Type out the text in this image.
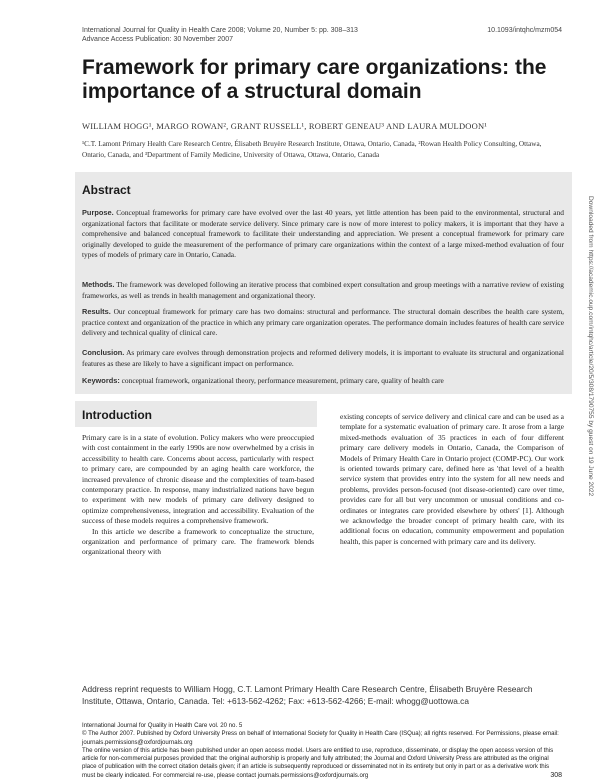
International Journal for Quality in Health Care 2008; Volume 20, Number 5: pp. 308–313
Advance Access Publication: 30 November 2007
10.1093/intqhc/mzm054
Framework for primary care organizations: the importance of a structural domain
WILLIAM HOGG¹, MARGO ROWAN², GRANT RUSSELL¹, ROBERT GENEAU³ AND LAURA MULDOON¹
¹C.T. Lamont Primary Health Care Research Centre, Élisabeth Bruyère Research Institute, Ottawa, Ontario, Canada, ²Rowan Health Policy Consulting, Ottawa, Ontario, Canada, and ³Department of Family Medicine, University of Ottawa, Ottawa, Ontario, Canada
Abstract
Purpose. Conceptual frameworks for primary care have evolved over the last 40 years, yet little attention has been paid to the environmental, structural and organizational factors that facilitate or moderate service delivery. Since primary care is now of more interest to policy makers, it is important that they have a comprehensive and balanced conceptual framework to facilitate their understanding and appreciation. We present a conceptual framework for primary care originally developed to guide the measurement of the performance of primary care organizations within the context of a large mixed-method evaluation of four types of models of primary care in Ontario, Canada.
Methods. The framework was developed following an iterative process that combined expert consultation and group meetings with a narrative review of existing frameworks, as well as trends in health management and organizational theory.
Results. Our conceptual framework for primary care has two domains: structural and performance. The structural domain describes the health care system, practice context and organization of the practice in which any primary care organization operates. The performance domain includes features of health care service delivery and technical quality of clinical care.
Conclusion. As primary care evolves through demonstration projects and reformed delivery models, it is important to evaluate its structural and organizational features as these are likely to have a significant impact on performance.
Keywords: conceptual framework, organizational theory, performance measurement, primary care, quality of health care
Introduction

Primary care is in a state of evolution. Policy makers who were preoccupied with cost containment in the early 1990s are now overwhelmed by a crisis in accessibility to health care. Concerns about access, particularly with respect to primary care, are compounded by an aging health care workforce, the increased prevalence of chronic disease and the complexities of team-based contemporary practice. In response, many industrialized nations have begun to experiment with new models of primary care delivery designed to optimize comprehensiveness, integration and accessibility. Evaluation of the success of these models requires a comprehensive framework.

In this article we describe a framework to conceptualize the structure, organization and performance of primary care. The framework blends organizational theory with

existing concepts of service delivery and clinical care and can be used as a template for a systematic evaluation of primary care. It arose from a large mixed-methods evaluation of 35 practices in each of four different primary care delivery models in Ontario, Canada, the Comparison of Models of Primary Health Care in Ontario project (COMP-PC). Our work is oriented towards primary care, defined here as 'that level of a health service system that provides entry into the system for all new needs and problems, provides person-focused (not disease-oriented) care over time, provides care for all but very uncommon or unusual conditions and co-ordinates or integrates care provided elsewhere by others' [1]. Although we acknowledge the broader concept of primary health care, with its additional focus on education, community empowerment and population health, this paper is concerned with primary care and its delivery.

Address reprint requests to William Hogg, C.T. Lamont Primary Health Care Research Centre, Élisabeth Bruyère Research Institute, Ottawa, Ontario, Canada. Tel: +613-562-4262; Fax: +613-562-4266; E-mail: whogg@uottowa.ca

International Journal for Quality in Health Care vol. 20 no. 5

© The Author 2007. Published by Oxford University Press on behalf of International Society for Quality in Health Care (ISQua); all rights reserved. For Permissions, please email: journals.permissions@oxfordjournals.org

The online version of this article has been published under an open access model. Users are entitled to use, reproduce, disseminate, or display the open access version of this article for non-commercial purposes provided that: the original authorship is properly and fully attributed; the Journal and Oxford University Press are attributed as the original place of publication with the correct citation details given; if an article is subsequently reproduced or disseminated not in its entirety but only in part or as a derivative work this must be clearly indicated. For commercial re-use, please contact journals.permissions@oxfordjournals.org	308
Downloaded from https://academic.oup.com/intqhc/article/20/5/308/1790755 by guest on 19 June 2022
